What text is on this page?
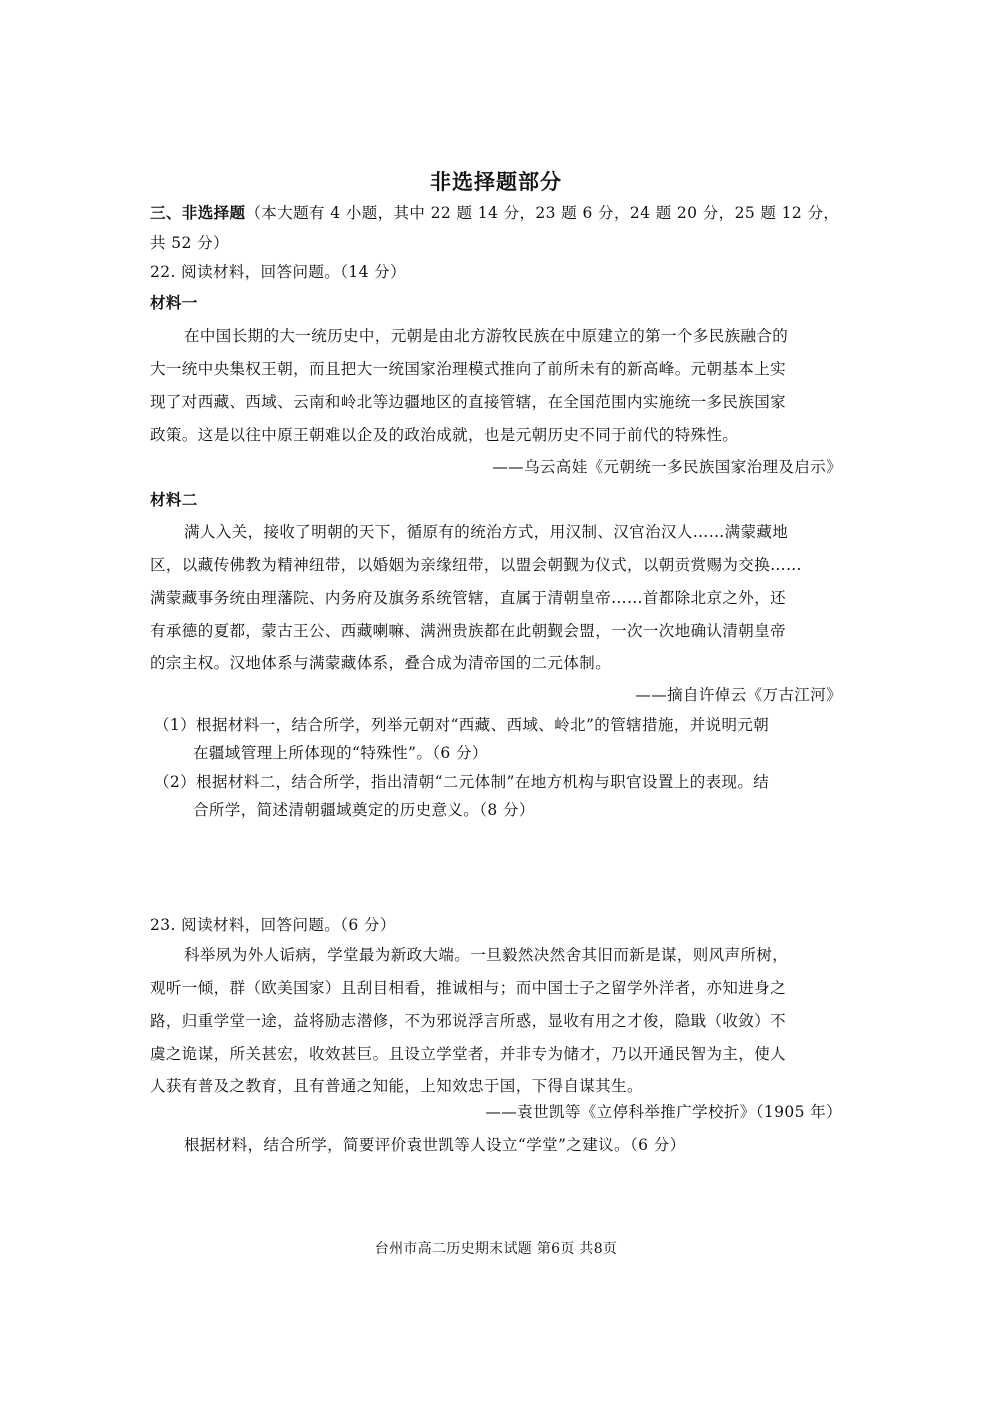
非选择题部分
三、非选择题（本大题有 4 小题，其中 22 题 14 分，23 题 6 分，24 题 20 分，25 题 12 分，
共 52 分）
22. 阅读材料，回答问题。（14 分）
材料一
在中国长期的大一统历史中，元朝是由北方游牧民族在中原建立的第一个多民族融合的
大一统中央集权王朝，而且把大一统国家治理模式推向了前所未有的新高峰。元朝基本上实
现了对西藏、西域、云南和岭北等边疆地区的直接管辖，在全国范围内实施统一多民族国家
政策。这是以往中原王朝难以企及的政治成就，也是元朝历史不同于前代的特殊性。
——乌云高娃《元朝统一多民族国家治理及启示》
材料二
满人入关，接收了明朝的天下，循原有的统治方式，用汉制、汉官治汉人……满蒙藏地
区，以藏传佛教为精神纽带，以婚姻为亲缘纽带，以盟会朝觐为仪式，以朝贡赏赐为交换……
满蒙藏事务统由理藩院、内务府及旗务系统管辖，直属于清朝皇帝……首都除北京之外，还
有承德的夏都，蒙古王公、西藏喇嘛、满洲贵族都在此朝觐会盟，一次一次地确认清朝皇帝
的宗主权。汉地体系与满蒙藏体系，叠合成为清帝国的二元体制。
——摘自许倬云《万古江河》
（1）根据材料一，结合所学，列举元朝对“西藏、西域、岭北”的管辖措施，并说明元朝
在疆域管理上所体现的“特殊性”。（6 分）
（2）根据材料二，结合所学，指出清朝“二元体制”在地方机构与职官设置上的表现。结
合所学，简述清朝疆域奠定的历史意义。（8 分）
23. 阅读材料，回答问题。（6 分）
科举夙为外人诟病，学堂最为新政大端。一旦毅然决然舍其旧而新是谋，则风声所树，
观听一倾，群（欧美国家）且刮目相看，推诚相与；而中国士子之留学外洋者，亦知进身之
路，归重学堂一途，益将励志潜修，不为邪说浮言所惑，显收有用之才俊，隐戢（收敛）不
虞之诡谋，所关甚宏，收效甚巨。且设立学堂者，并非专为储才，乃以开通民智为主，使人
人获有普及之教育，且有普通之知能，上知效忠于国，下得自谋其生。
——袁世凯等《立停科举推广学校折》（1905 年）
根据材料，结合所学，简要评价袁世凯等人设立“学堂”之建议。（6 分）
台州市高二历史期末试题 第6页 共8页
